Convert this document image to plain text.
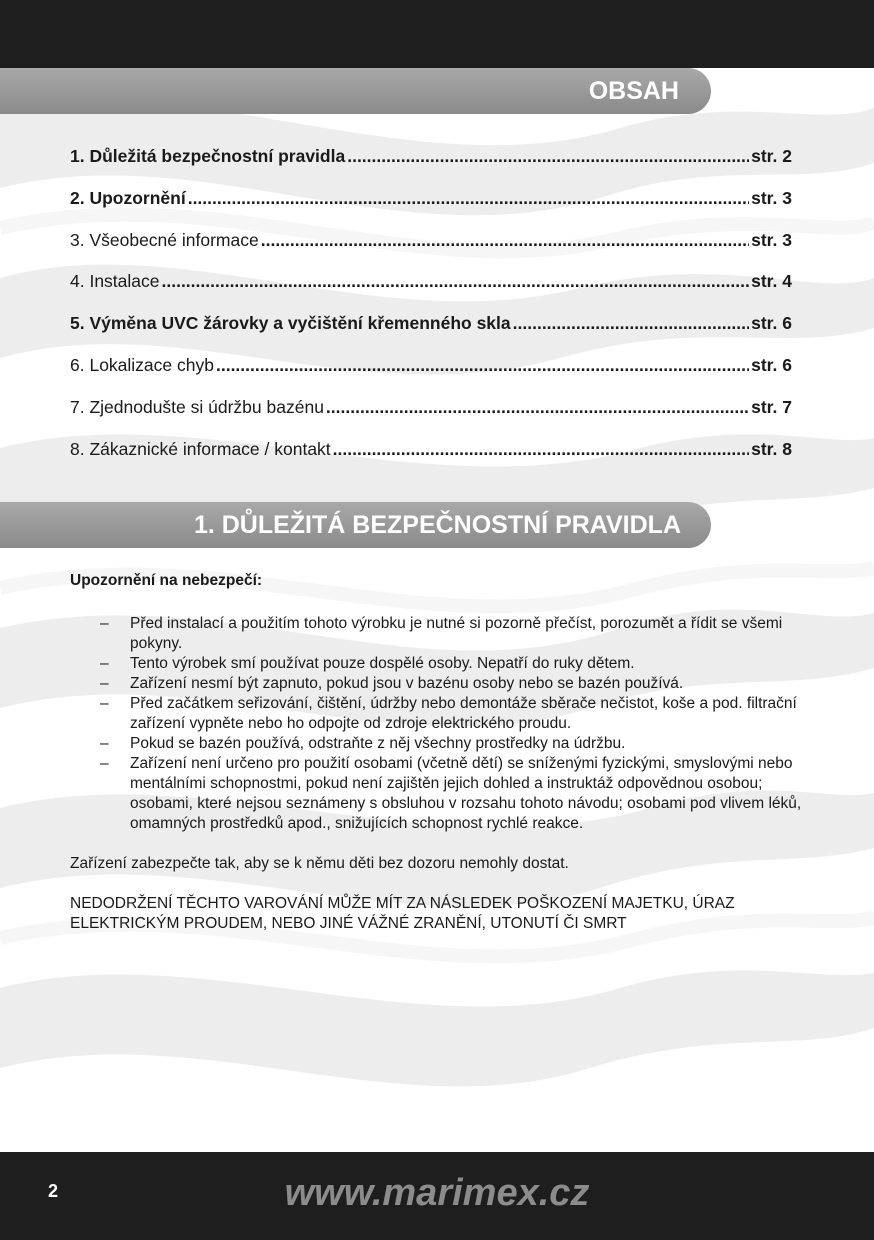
OBSAH
1. Důležitá bezpečnostní pravidla .....	str. 2
2. Upozornění .....	str. 3
3. Všeobecné informace .....	str. 3
4. Instalace .....	str. 4
5. Výměna UVC žárovky a vyčištění křemenného skla .....	str. 6
6. Lokalizace chyb .....	str. 6
7. Zjednodušte si údržbu bazénu .....	str. 7
8. Zákaznické informace / kontakt .....	str. 8
1. DŮLEŽITÁ BEZPEČNOSTNÍ PRAVIDLA
Upozornění na nebezpečí:
– Před instalací a použitím tohoto výrobku je nutné si pozorně přečíst, porozumět a řídit se všemi pokyny.
– Tento výrobek smí používat pouze dospělé osoby. Nepatří do ruky dětem.
– Zařízení nesmí být zapnuto, pokud jsou v bazénu osoby nebo se bazén používá.
– Před začátkem seřizování, čištění, údržby nebo demontáže sběrače nečistot, koše a pod. filtrační zařízení vypněte nebo ho odpojte od zdroje elektrického proudu.
– Pokud se bazén používá, odstraňte z něj všechny prostředky na údržbu.
– Zařízení není určeno pro použití osobami (včetně dětí) se sníženými fyzickými, smyslovými nebo mentálními schopnostmi, pokud není zajištěn jejich dohled a instruktáž odpovědnou osobou; osobami, které nejsou seznámeny s obsluhou v rozsahu tohoto návodu; osobami pod vlivem léků, omamných prostředků apod., snižujících schopnost rychlé reakce.

Zařízení zabezpečte tak, aby se k němu děti bez dozoru nemohly dostat.

NEDODRŽENÍ TĚCHTO VAROVÁNÍ MŮŽE MÍT ZA NÁSLEDEK POŠKOZENÍ MAJETKU, ÚRAZ ELEKTRICKÝM PROUDEM, NEBO JINÉ VÁŽNÉ ZRANĚNÍ, UTONUTÍ ČI SMRT

2	www.marimex.cz
